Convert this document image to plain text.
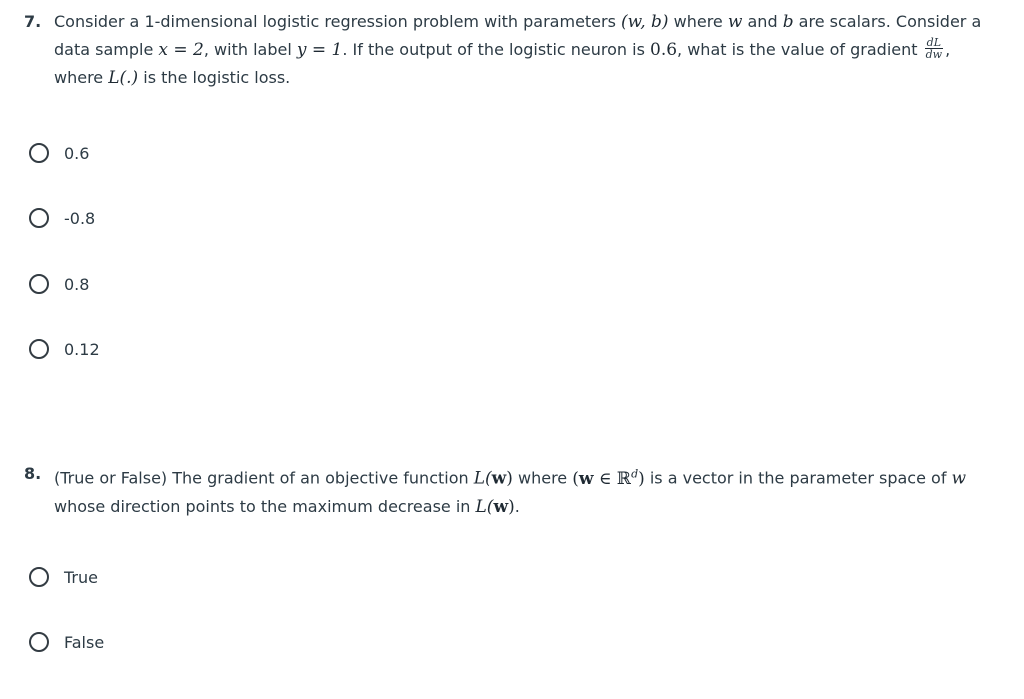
7. Consider a 1-dimensional logistic regression problem with parameters (w, b) where w and b are scalars. Consider a
data sample x = 2, with label y = 1. If the output of the logistic neuron is 0.6, what is the value of gradient $\frac{dL}{dw}$ ,
where L(.) is the logistic loss.
0.6
-0.8
0.8
0.12
8. (True or False) The gradient of an objective function L(w) where (w ∈ ℝ$^d$) is a vector in the parameter space of w
whose direction points to the maximum decrease in L(w).
True
False
